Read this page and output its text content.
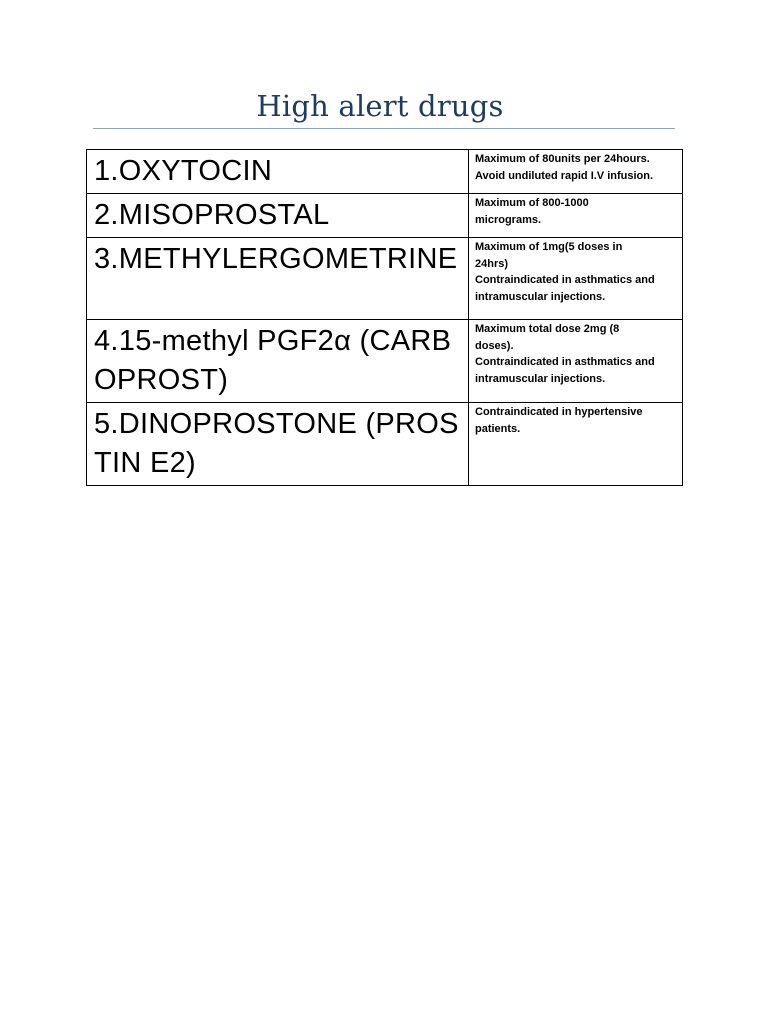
High alert drugs
1.OXYTOCIN	Maximum of 80units per 24hours.
Avoid undiluted rapid I.V infusion.

2.MISOPROSTAL	Maximum of 800-1000
micrograms.

3.METHYLERGOMETRINE	Maximum of 1mg(5 doses in
24hrs)
Contraindicated in asthmatics and
intramuscular injections.

4.15-methyl PGF2α (CARBOPROST)	Maximum total dose 2mg (8
doses).
Contraindicated in asthmatics and
intramuscular injections.

5.DINOPROSTONE (PROSTIN E2)	Contraindicated in hypertensive
patients.
